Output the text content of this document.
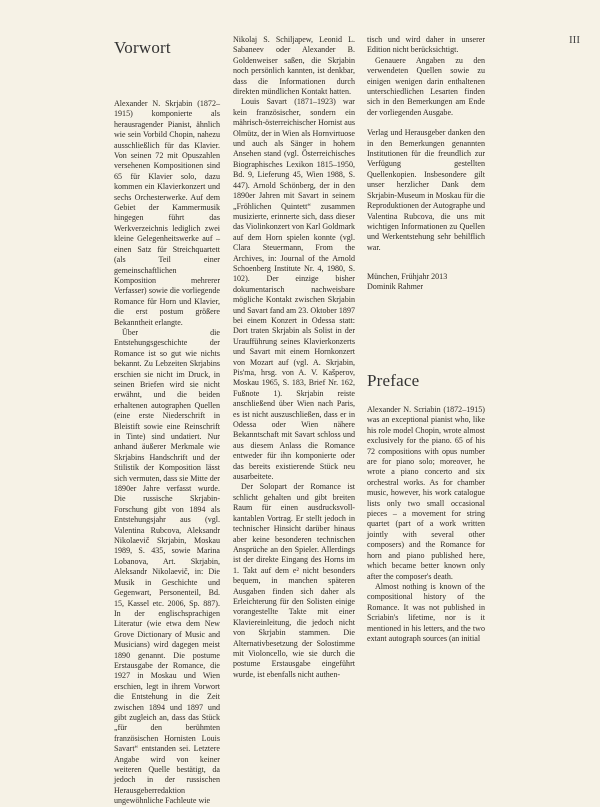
III
Vorwort

Alexander N. Skrjabin (1872–1915) komponierte als herausragender Pianist, ähnlich wie sein Vorbild Chopin, nahezu ausschließlich für das Klavier. Von seinen 72 mit Opuszahlen versehenen Kompositionen sind 65 für Klavier solo, dazu kommen ein Klavierkonzert und sechs Orchesterwerke. Auf dem Gebiet der Kammermusik hingegen führt das Werkverzeichnis lediglich zwei kleine Gelegenheitswerke auf – einen Satz für Streichquartett (als Teil einer gemeinschaftlichen Komposition mehrerer Verfasser) sowie die vorliegende Romance für Horn und Klavier, die erst postum größere Bekanntheit erlangte.

Über die Entstehungsgeschichte der Romance ist so gut wie nichts bekannt. Zu Lebzeiten Skrjabins erschien sie nicht im Druck, in seinen Briefen wird sie nicht erwähnt, und die beiden erhaltenen autographen Quellen (eine erste Niederschrift in Bleistift sowie eine Reinschrift in Tinte) sind undatiert. Nur anhand äußerer Merkmale wie Skrjabins Handschrift und der Stilistik der Komposition lässt sich vermuten, dass sie Mitte der 1890er Jahre verfasst wurde. Die russische Skrjabin-Forschung gibt von 1894 als Entstehungsjahr aus (vgl. Valentina Rubcova, Aleksandr Nikolaevič Skrjabin, Moskau 1989, S. 435, sowie Marina Lobanova, Art. Skrjabin, Aleksandr Nikolaevič, in: Die Musik in Geschichte und Gegenwart, Personenteil, Bd. 15, Kassel etc. 2006, Sp. 887). In der englischsprachigen Literatur (wie etwa dem New Grove Dictionary of Music and Musicians) wird dagegen meist 1890 genannt. Die postume Erstausgabe der Romance, die 1927 in Moskau und Wien erschien, legt in ihrem Vorwort die Entstehung in die Zeit zwischen 1894 und 1897 und gibt zugleich an, dass das Stück „für den berühmten französischen Hornisten Louis Savart“ entstanden sei. Letztere Angabe wird von keiner weiteren Quelle bestätigt, da jedoch in der russischen Herausgeberredaktion ungewöhnliche Fachleute wie

Nikolaj S. Schiljapew, Leonid L. Sabaneev oder Alexander B. Goldenweiser saßen, die Skrjabin noch persönlich kannten, ist denkbar, dass die Informationen durch direkten mündlichen Kontakt hatten.

Louis Savart (1871–1923) war kein französischer, sondern ein mährisch-österreichischer Hornist aus Olmütz, der in Wien als Hornvirtuose und auch als Sänger in hohem Ansehen stand (vgl. Österreichisches Biographisches Lexikon 1815–1950, Bd. 9, Lieferung 45, Wien 1988, S. 447). Arnold Schönberg, der in den 1890er Jahren mit Savart in seinem „Fröhlichen Quintett“ zusammen musizierte, erinnerte sich, dass dieser das Violinkonzert von Karl Goldmark auf dem Horn spielen konnte (vgl. Clara Steuermann, From the Archives, in: Journal of the Arnold Schoenberg Institute Nr. 4, 1980, S. 102). Der einzige bisher dokumentarisch nachweisbare mögliche Kontakt zwischen Skrjabin und Savart fand am 23. Oktober 1897 bei einem Konzert in Odessa statt: Dort traten Skrjabin als Solist in der Uraufführung seines Klavierkonzerts und Savart mit einem Hornkonzert von Mozart auf (vgl. A. Skrjabin, Pis'ma, hrsg. von A. V. Kašperov, Moskau 1965, S. 183, Brief Nr. 162, Fußnote 1). Skrjabin reiste anschließend über Wien nach Paris, es ist nicht auszuschließen, dass er in Odessa oder Wien nähere Bekanntschaft mit Savart schloss und aus diesem Anlass die Romance entweder für ihn komponierte oder das bereits existierende Stück neu ausarbeitete.

Der Solopart der Romance ist schlicht gehalten und gibt breiten Raum für einen ausdrucksvoll-kantablen Vortrag. Er stellt jedoch in technischer Hinsicht darüber hinaus aber keine besonderen technischen Ansprüche an den Spieler. Allerdings ist der direkte Eingang des Horns im 1. Takt auf dem e² nicht besonders bequem, in manchen späteren Ausgaben finden sich daher als Erleichterung für den Solisten einige vorangestellte Takte mit einer Klaviereinleitung, die jedoch nicht von Skrjabin stammen. Die Alternativbesetzung der Solostimme mit Violoncello, wie sie durch die postume Erstausgabe eingeführt wurde, ist ebenfalls nicht authen-

tisch und wird daher in unserer Edition nicht berücksichtigt.

Genauere Angaben zu den verwendeten Quellen sowie zu einigen wenigen darin enthaltenen unterschiedlichen Lesarten finden sich in den Bemerkungen am Ende der vorliegenden Ausgabe.

Verlag und Herausgeber danken den in den Bemerkungen genannten Institutionen für die freundlich zur Verfügung gestellten Quellenkopien. Insbesondere gilt unser herzlicher Dank dem Skrjabin-Museum in Moskau für die Reproduktionen der Autographe und Valentina Rubcova, die uns mit wichtigen Informationen zu Quellen und Werkentstehung sehr behilflich war.

München, Frühjahr 2013
Dominik Rahmer
Preface

Alexander N. Scriabin (1872–1915) was an exceptional pianist who, like his role model Chopin, wrote almost exclusively for the piano. 65 of his 72 compositions with opus number are for piano solo; moreover, he wrote a piano concerto and six orchestral works. As for chamber music, however, his work catalogue lists only two small occasional pieces – a movement for string quartet (part of a work written jointly with several other composers) and the Romance for horn and piano published here, which became better known only after the composer's death.

Almost nothing is known of the compositional history of the Romance. It was not published in Scriabin's lifetime, nor is it mentioned in his letters, and the two extant autograph sources (an initial
